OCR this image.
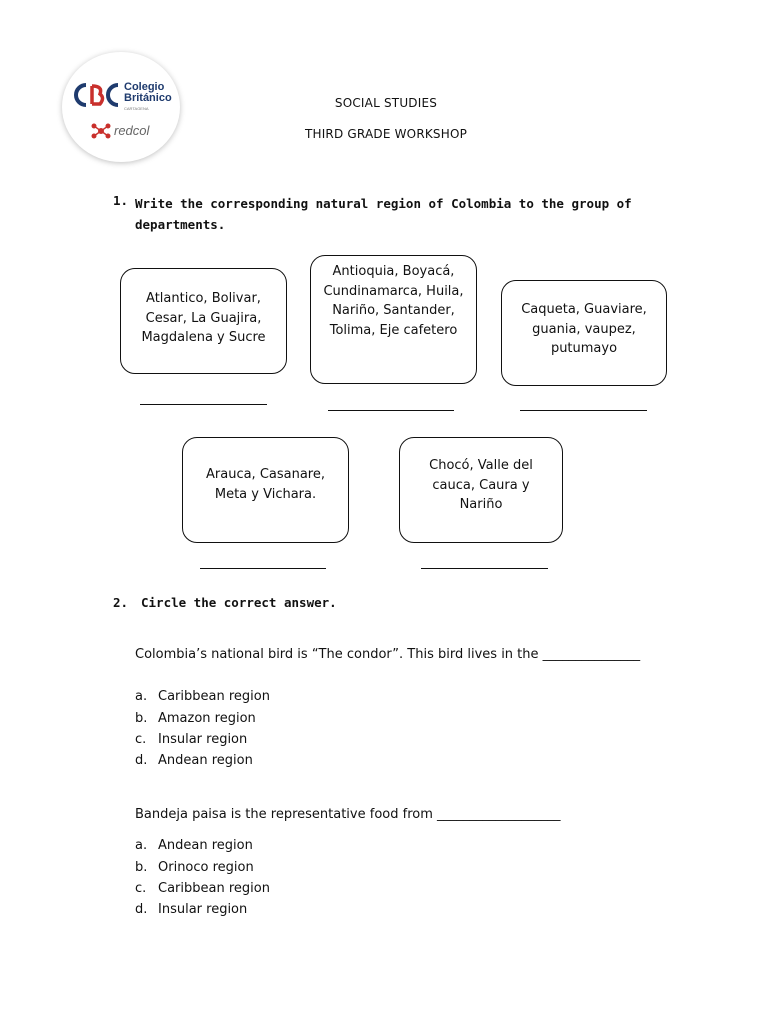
Colegio
Británico
CARTAGENA
redcol
SOCIAL STUDIES
THIRD GRADE WORKSHOP
1. Write the corresponding natural region of Colombia to the group of departments.
Atlantico, Bolivar,
Cesar, La Guajira,
Magdalena y Sucre
Antioquia, Boyacá,
Cundinamarca, Huila,
Nariño, Santander,
Tolima, Eje cafetero
Caqueta, Guaviare,
guania, vaupez,
putumayo
Arauca, Casanare,
Meta y Vichara.
Chocó, Valle del
cauca, Caura y
Nariño
2. Circle the correct answer.
Colombia’s national bird is “The condor”. This bird lives in the _______________
a. Caribbean region
b. Amazon region
c. Insular region
d. Andean region
Bandeja paisa is the representative food from ___________________
a. Andean region
b. Orinoco region
c. Caribbean region
d. Insular region
